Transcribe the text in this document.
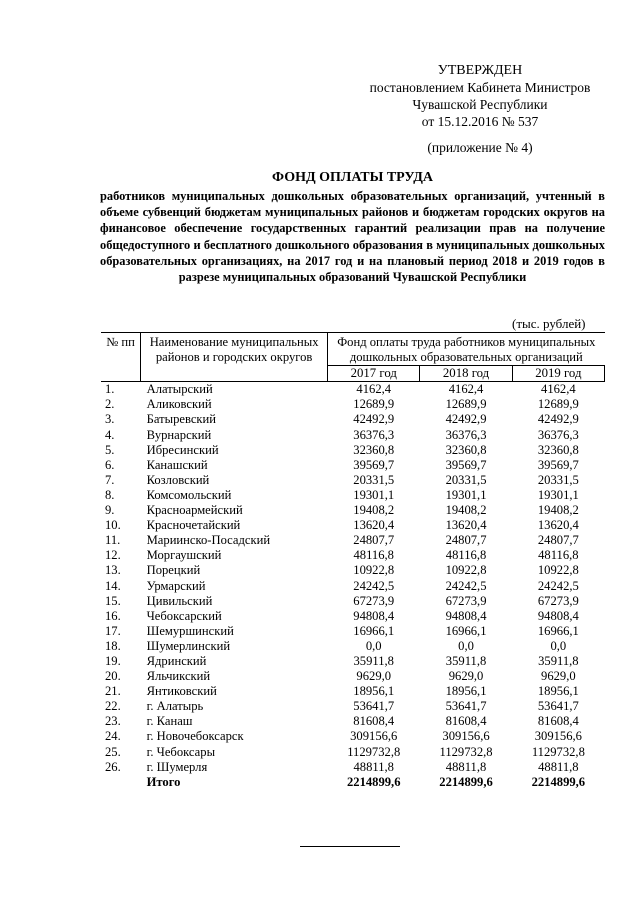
УТВЕРЖДЕН
постановлением Кабинета Министров
Чувашской Республики
от 15.12.2016 № 537
(приложение № 4)
ФОНД ОПЛАТЫ ТРУДА
работников муниципальных дошкольных образовательных организаций, учтенный в объеме субвенций бюджетам муниципальных районов и бюджетам городских округов на финансовое обеспечение государственных гарантий реализации прав на получение общедоступного и бесплатного дошкольного образования в муниципальных дошкольных образовательных организациях, на 2017 год и на плановый период 2018 и 2019 годов в разрезе муниципальных образований Чувашской Республики
(тыс. рублей)
№ пп	Наименование муниципальных районов и городских округов	Фонд оплаты труда работников муниципальных дошкольных образовательных организаций		
		2017 год	2018 год	2019 год
1.	Алатырский	4162,4	4162,4	4162,4
2.	Аликовский	12689,9	12689,9	12689,9
3.	Батыревский	42492,9	42492,9	42492,9
4.	Вурнарский	36376,3	36376,3	36376,3
5.	Ибресинский	32360,8	32360,8	32360,8
6.	Канашский	39569,7	39569,7	39569,7
7.	Козловский	20331,5	20331,5	20331,5
8.	Комсомольский	19301,1	19301,1	19301,1
9.	Красноармейский	19408,2	19408,2	19408,2
10.	Красночетайский	13620,4	13620,4	13620,4
11.	Мариинско-Посадский	24807,7	24807,7	24807,7
12.	Моргаушский	48116,8	48116,8	48116,8
13.	Порецкий	10922,8	10922,8	10922,8
14.	Урмарский	24242,5	24242,5	24242,5
15.	Цивильский	67273,9	67273,9	67273,9
16.	Чебоксарский	94808,4	94808,4	94808,4
17.	Шемуршинский	16966,1	16966,1	16966,1
18.	Шумерлинский	0,0	0,0	0,0
19.	Ядринский	35911,8	35911,8	35911,8
20.	Яльчикский	9629,0	9629,0	9629,0
21.	Янтиковский	18956,1	18956,1	18956,1
22.	г. Алатырь	53641,7	53641,7	53641,7
23.	г. Канаш	81608,4	81608,4	81608,4
24.	г. Новочебоксарск	309156,6	309156,6	309156,6
25.	г. Чебоксары	1129732,8	1129732,8	1129732,8
26.	г. Шумерля	48811,8	48811,8	48811,8
	Итого	2214899,6	2214899,6	2214899,6
